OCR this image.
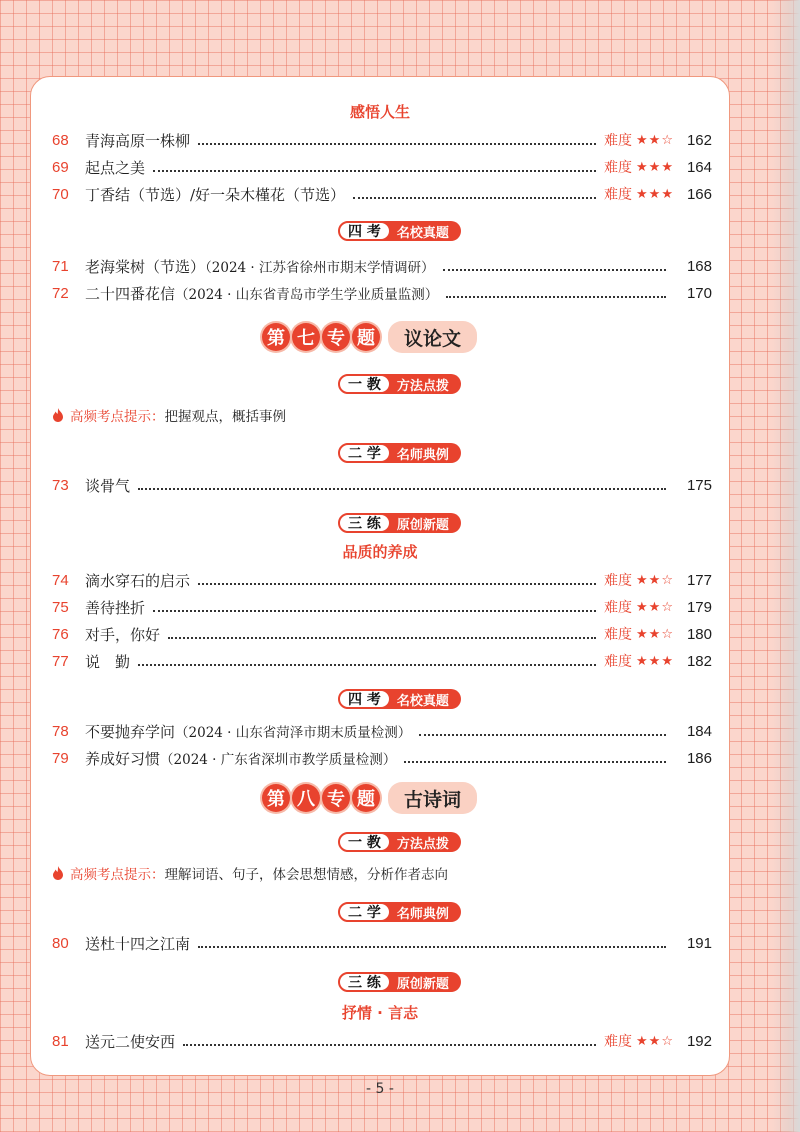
感悟人生
68	青海高原一株柳	难度 ★★☆ 162
69	起点之美	难度 ★★★ 164
70	丁香结（节选）/好一朵木槿花（节选）	难度 ★★★ 166
四 考	名校真题
71	老海棠树（节选）（2024 · 江苏省徐州市期末学情调研）	168
72	二十四番花信（2024 · 山东省青岛市学生学业质量监测）	170
第 七 专 题	议论文
一 教	方法点拨
高频考点提示： 把握观点，概括事例
二 学	名师典例
73	谈骨气	175
三 练	原创新题
品质的养成
74	滴水穿石的启示	难度 ★★☆ 177
75	善待挫折	难度 ★★☆ 179
76	对手，你好	难度 ★★☆ 180
77	说　勤	难度 ★★★ 182
四 考	名校真题
78	不要抛弃学问（2024 · 山东省菏泽市期末质量检测）	184
79	养成好习惯（2024 · 广东省深圳市教学质量检测）	186
第 八 专 题	古诗词
一 教	方法点拨
高频考点提示： 理解词语、句子，体会思想情感，分析作者志向
二 学	名师典例
80	送杜十四之江南	191
三 练	原创新题
抒情 · 言志
81	送元二使安西	难度 ★★☆ 192
- 5 -
